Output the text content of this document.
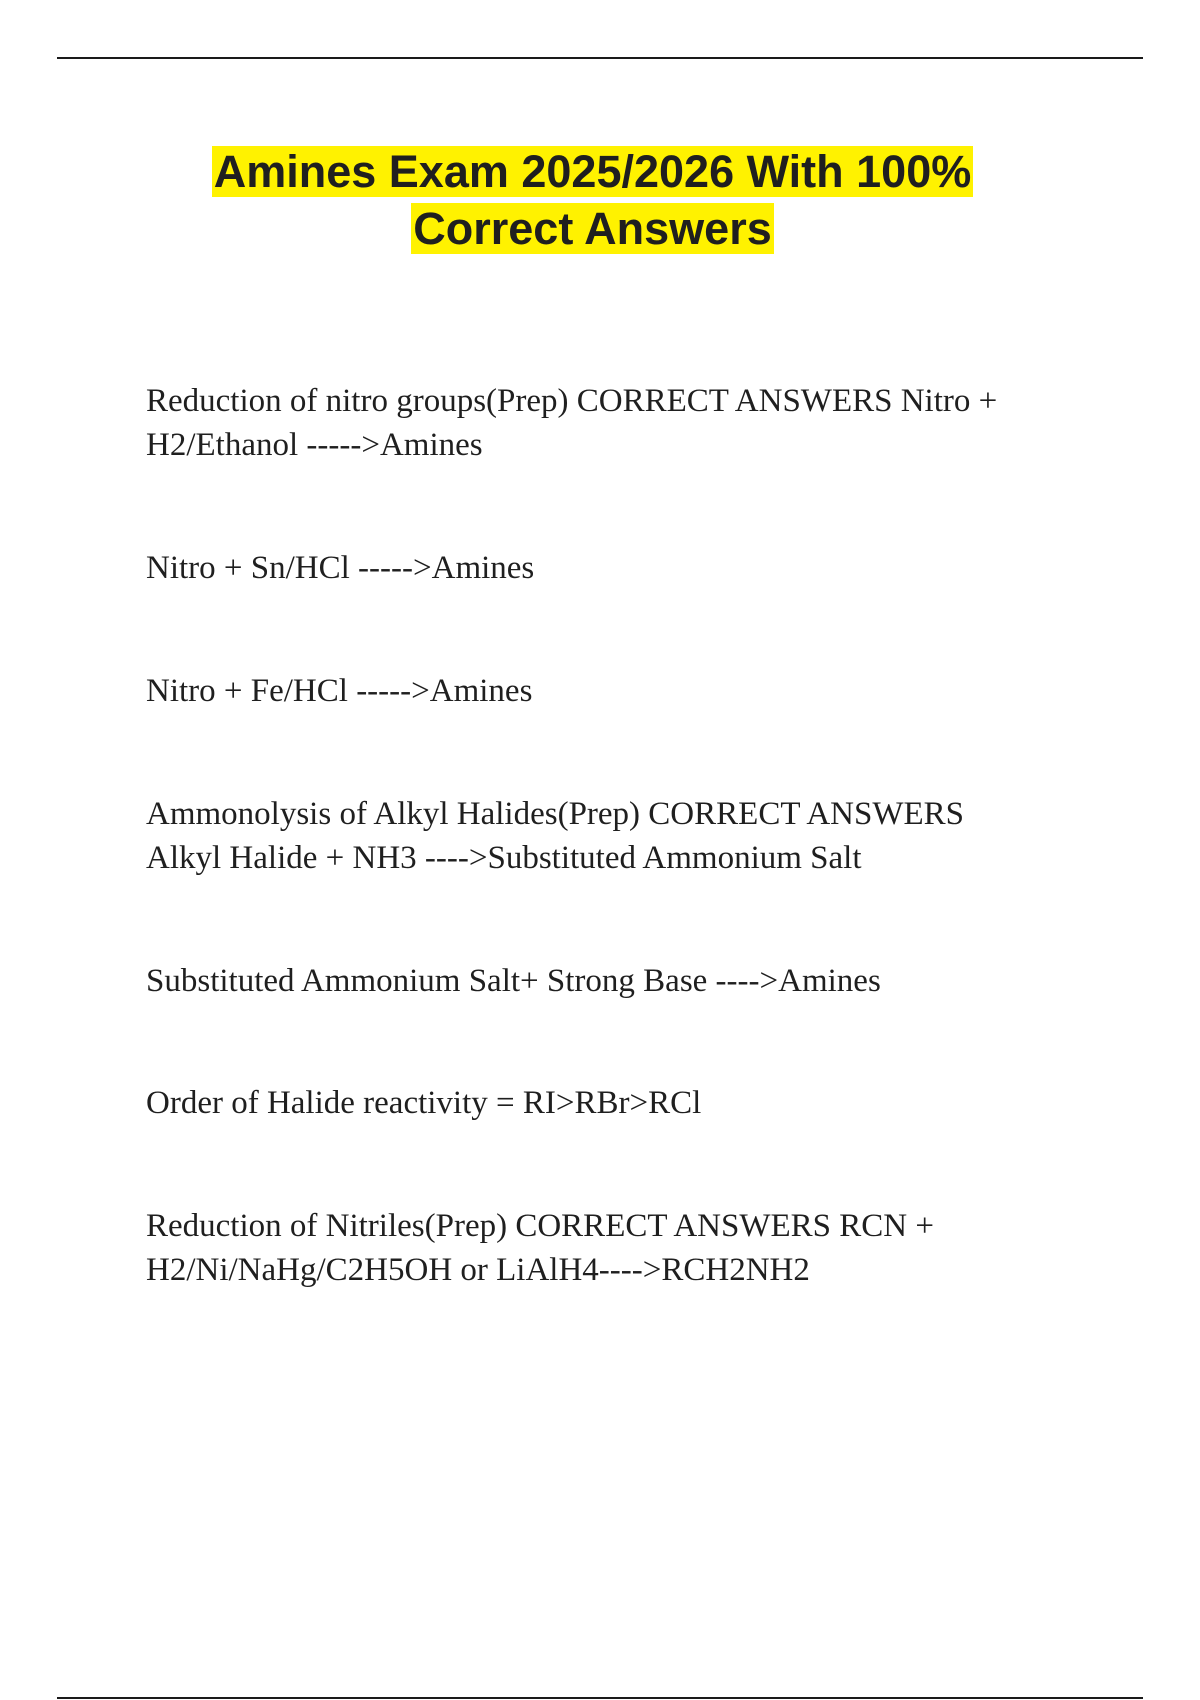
Amines Exam 2025/2026 With 100%
Correct Answers

Reduction of nitro groups(Prep) CORRECT ANSWERS Nitro +

H2/Ethanol ----->Amines

Nitro + Sn/HCl ----->Amines

Nitro + Fe/HCl ----->Amines

Ammonolysis of Alkyl Halides(Prep) CORRECT ANSWERS

Alkyl Halide + NH3 ---->Substituted Ammonium Salt

Substituted Ammonium Salt+ Strong Base ---->Amines

Order of Halide reactivity = RI>RBr>RCl

Reduction of Nitriles(Prep) CORRECT ANSWERS RCN +

H2/Ni/NaHg/C2H5OH or LiAlH4---->RCH2NH2
